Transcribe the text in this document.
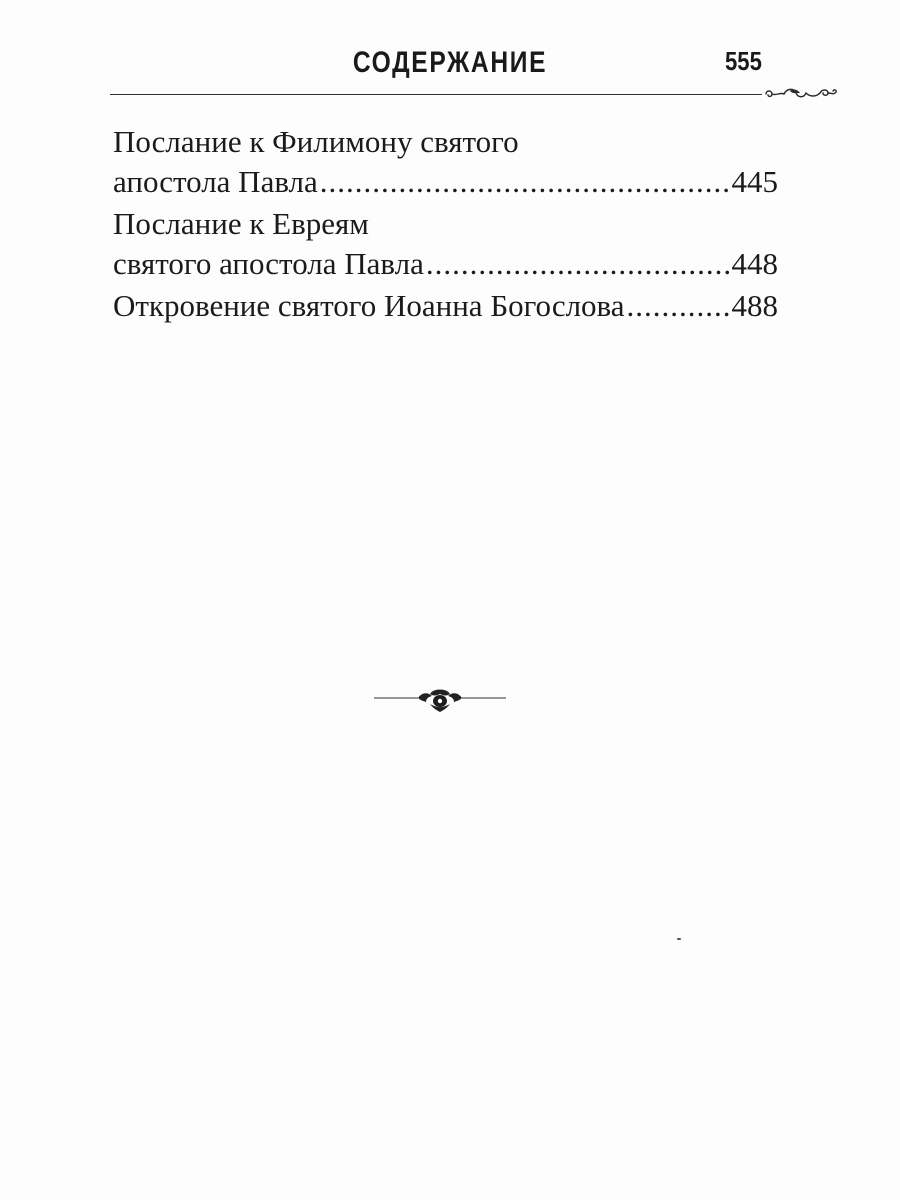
СОДЕРЖАНИЕ	555
Послание к Филимону святого
апостола Павла .....	445
Послание к Евреям
святого апостола Павла .....	448
Откровение святого Иоанна Богослова .....	488
